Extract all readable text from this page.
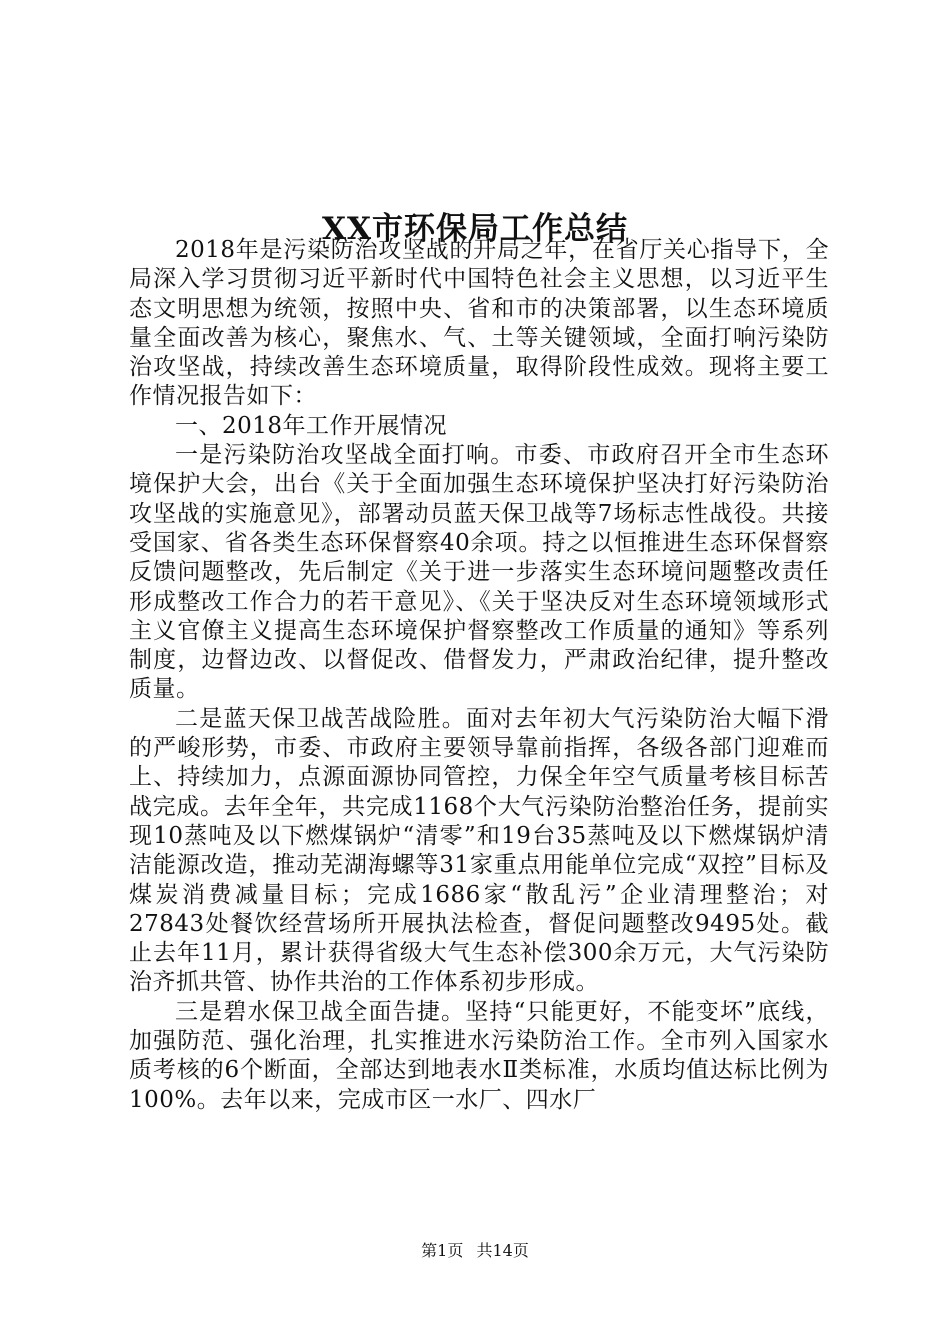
XX市环保局工作总结

2018年是污染防治攻坚战的开局之年，在省厅关心指导下，全局深入学习贯彻习近平新时代中国特色社会主义思想，以习近平生态文明思想为统领，按照中央、省和市的决策部署，以生态环境质量全面改善为核心，聚焦水、气、土等关键领域，全面打响污染防治攻坚战，持续改善生态环境质量，取得阶段性成效。现将主要工作情况报告如下：

一、2018年工作开展情况

一是污染防治攻坚战全面打响。市委、市政府召开全市生态环境保护大会，出台《关于全面加强生态环境保护坚决打好污染防治攻坚战的实施意见》，部署动员蓝天保卫战等7场标志性战役。共接受国家、省各类生态环保督察40余项。持之以恒推进生态环保督察反馈问题整改，先后制定《关于进一步落实生态环境问题整改责任形成整改工作合力的若干意见》、《关于坚决反对生态环境领域形式主义官僚主义提高生态环境保护督察整改工作质量的通知》等系列制度，边督边改、以督促改、借督发力，严肃政治纪律，提升整改质量。

二是蓝天保卫战苦战险胜。面对去年初大气污染防治大幅下滑的严峻形势，市委、市政府主要领导靠前指挥，各级各部门迎难而上、持续加力，点源面源协同管控，力保全年空气质量考核目标苦战完成。去年全年，共完成1168个大气污染防治整治任务，提前实现10蒸吨及以下燃煤锅炉“清零”和19台35蒸吨及以下燃煤锅炉清洁能源改造，推动芜湖海螺等31家重点用能单位完成“双控”目标及煤炭消费减量目标；完成1686家“散乱污”企业清理整治；对27843处餐饮经营场所开展执法检查，督促问题整改9495处。截止去年11月，累计获得省级大气生态补偿300余万元，大气污染防治齐抓共管、协作共治的工作体系初步形成。

三是碧水保卫战全面告捷。坚持“只能更好，不能变坏”底线，加强防范、强化治理，扎实推进水污染防治工作。全市列入国家水质考核的6个断面，全部达到地表水Ⅱ类标准，水质均值达标比例为100%。去年以来，完成市区一水厂、四水厂

第1页 共14页
